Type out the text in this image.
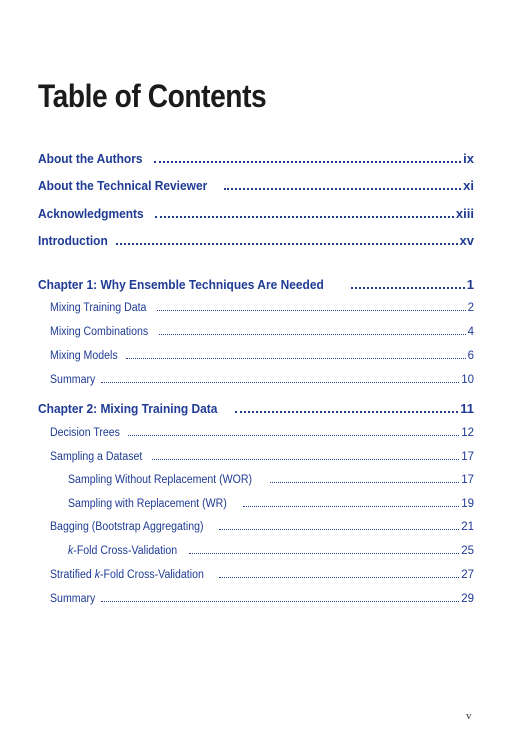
Table of Contents
About the Authors	ix
About the Technical Reviewer	xi
Acknowledgments	xiii
Introduction	xv
Chapter 1: Why Ensemble Techniques Are Needed	1
Mixing Training Data	2
Mixing Combinations	4
Mixing Models	6
Summary	10
Chapter 2: Mixing Training Data	11
Decision Trees	12
Sampling a Dataset	17
Sampling Without Replacement (WOR)	17
Sampling with Replacement (WR)	19
Bagging (Bootstrap Aggregating)	21
k-Fold Cross-Validation	25
Stratified k-Fold Cross-Validation	27
Summary	29
v
